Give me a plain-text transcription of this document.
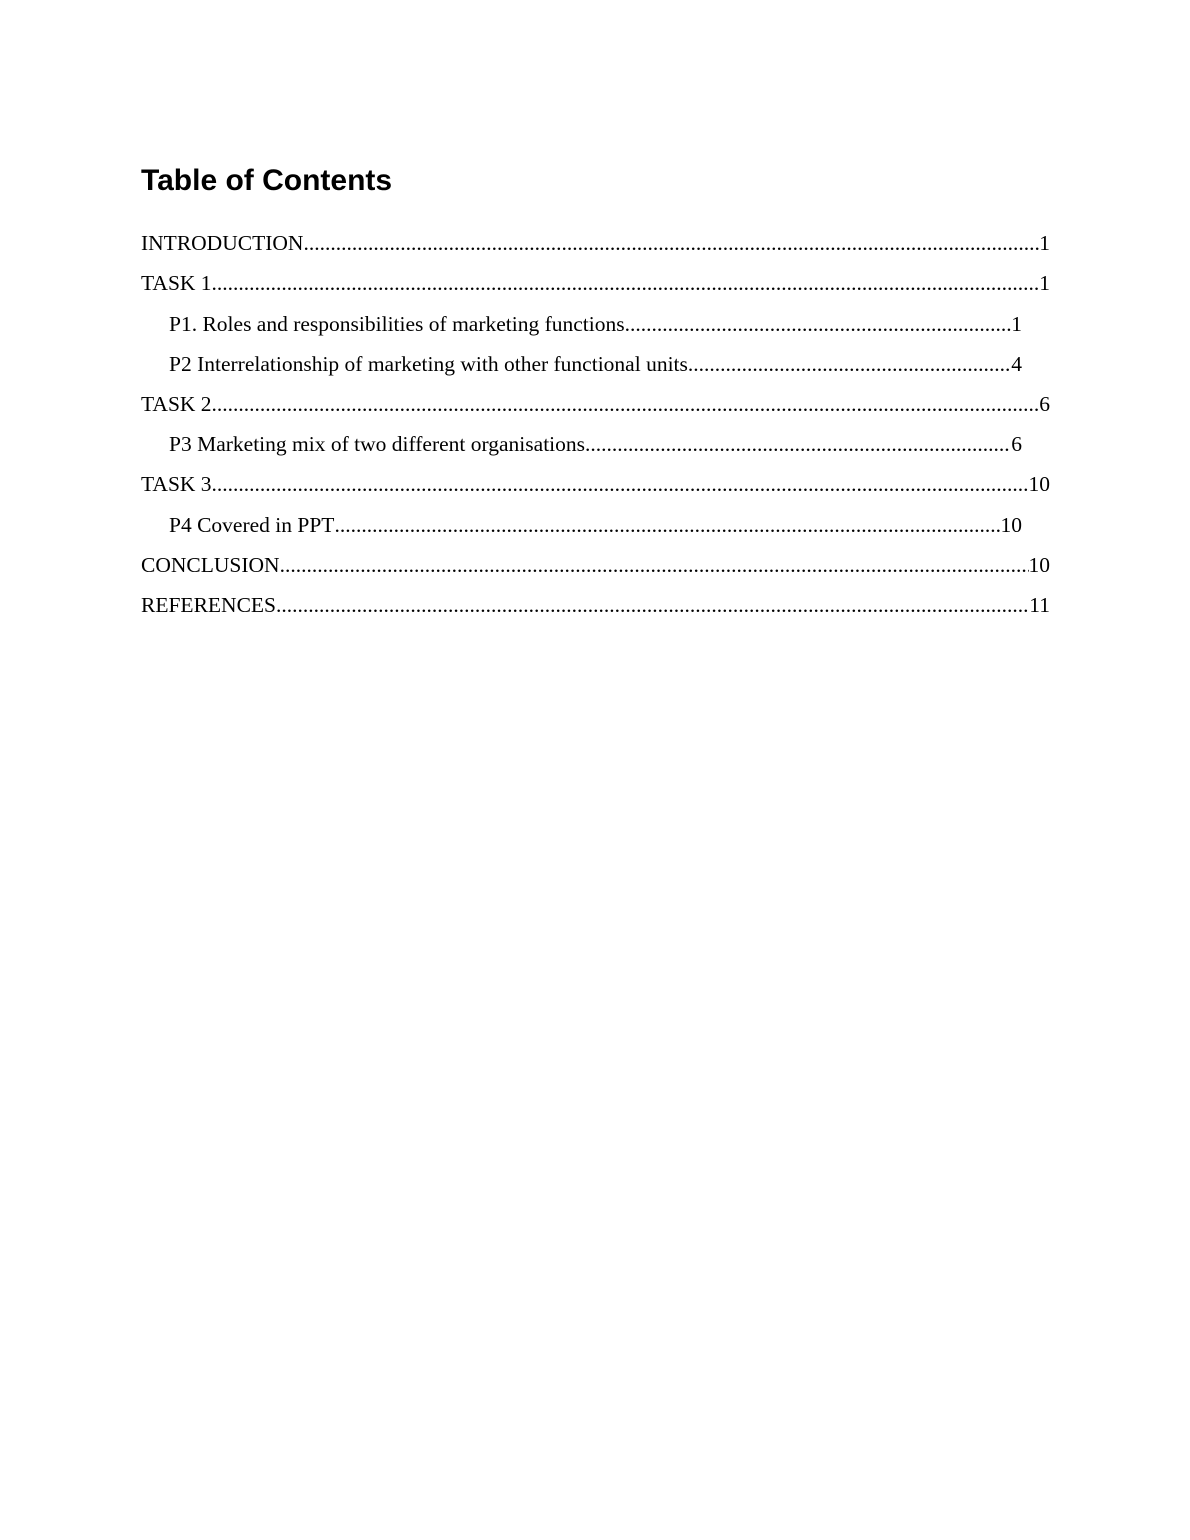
Table of Contents
INTRODUCTION .....	1
TASK 1 .....	1
P1. Roles and responsibilities of marketing functions .....	1
P2 Interrelationship of marketing with other functional units .....	4
TASK 2 .....	6
P3 Marketing mix of two different organisations .....	6
TASK 3 .....	10
P4 Covered in PPT .....	10
CONCLUSION .....	10
REFERENCES .....	11
